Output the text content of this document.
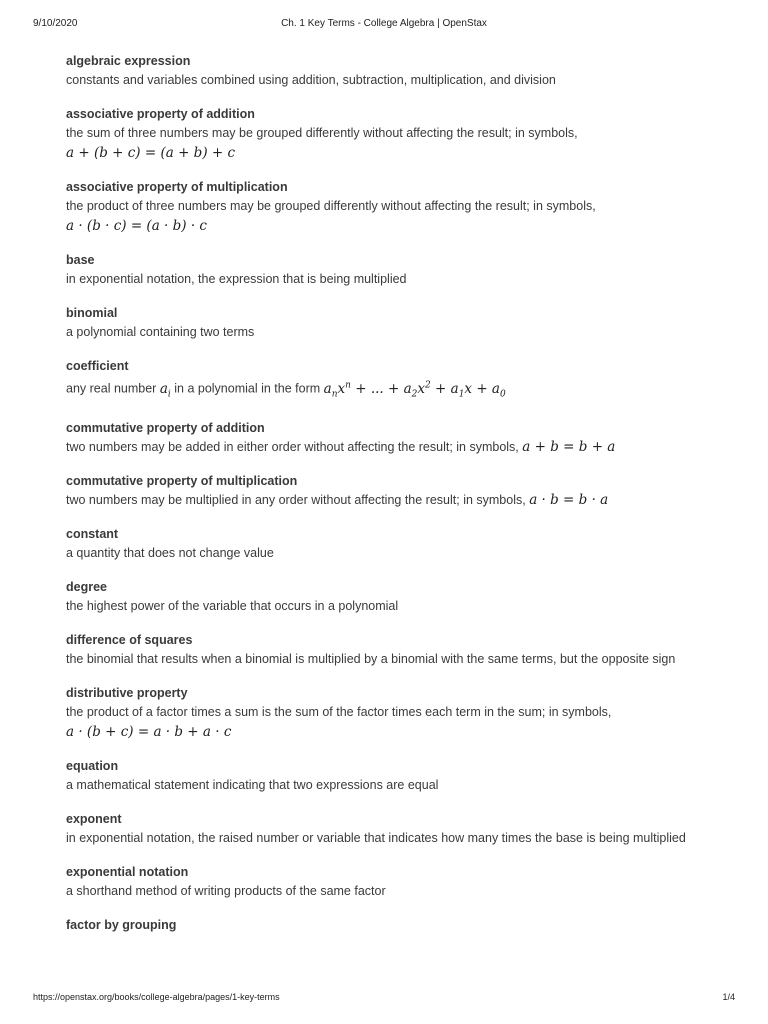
9/10/2020	Ch. 1 Key Terms - College Algebra | OpenStax
algebraic expression
constants and variables combined using addition, subtraction, multiplication, and division
associative property of addition
the sum of three numbers may be grouped differently without affecting the result; in symbols,
a + (b + c) = (a + b) + c
associative property of multiplication
the product of three numbers may be grouped differently without affecting the result; in symbols,
a · (b · c) = (a · b) · c
base
in exponential notation, the expression that is being multiplied
binomial
a polynomial containing two terms
coefficient
any real number $a_i$ in a polynomial in the form $a_nx^n$ + ... + $a_2x^2 + a_1x + a_0$
commutative property of addition
two numbers may be added in either order without affecting the result; in symbols, a + b = b + a
commutative property of multiplication
two numbers may be multiplied in any order without affecting the result; in symbols, a · b = b · a
constant
a quantity that does not change value
degree
the highest power of the variable that occurs in a polynomial
difference of squares
the binomial that results when a binomial is multiplied by a binomial with the same terms, but the opposite sign
distributive property
the product of a factor times a sum is the sum of the factor times each term in the sum; in symbols,
a · (b + c) = a · b + a · c
equation
a mathematical statement indicating that two expressions are equal
exponent
in exponential notation, the raised number or variable that indicates how many times the base is being multiplied
exponential notation
a shorthand method of writing products of the same factor
factor by grouping
https://openstax.org/books/college-algebra/pages/1-key-terms	1/4
